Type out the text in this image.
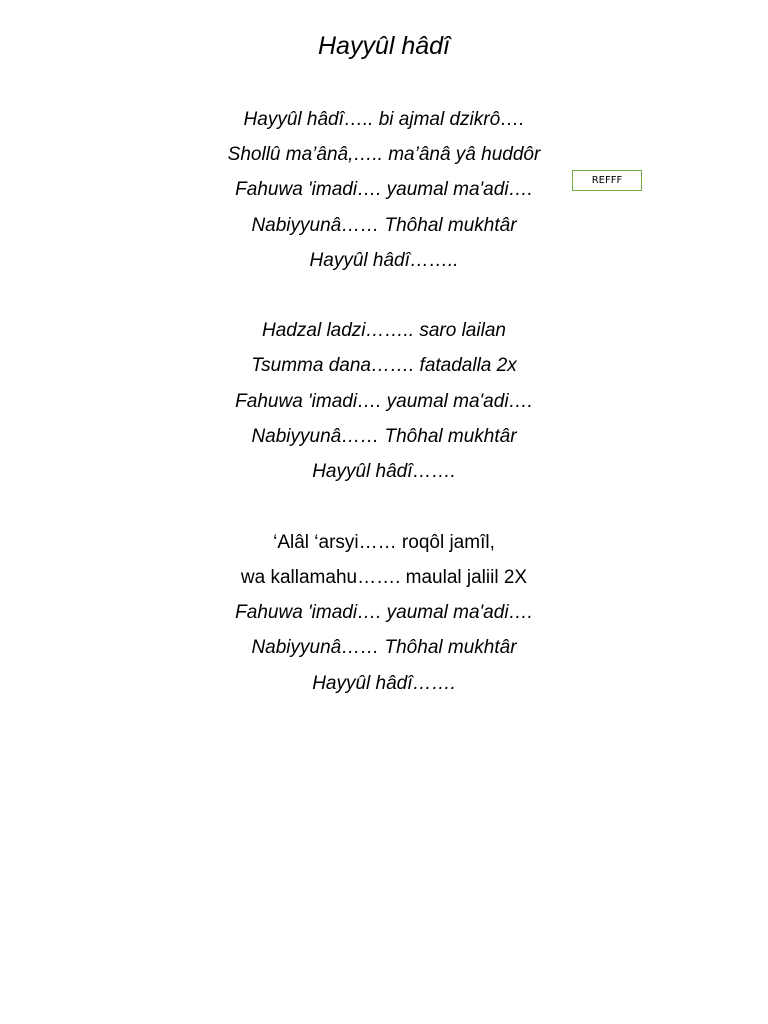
Hayyûl hâdî
Hayyûl hâdî….. bi ajmal dzikrô….
Shollû ma’ânâ,….. ma’ânâ yâ huddôr
Fahuwa 'imadi…. yaumal ma'adi….
Nabiyyunâ…… Thôhal mukhtâr
Hayyûl hâdî……..
Hadzal ladzi…….. saro lailan
Tsumma dana……. fatadalla 2x
Fahuwa 'imadi…. yaumal ma'adi….
Nabiyyunâ…… Thôhal mukhtâr
Hayyûl hâdî…….
‘Alâl ‘arsyi…… roqôl jamîl,
wa kallamahu……. maulal jaliil 2X
Fahuwa 'imadi…. yaumal ma'adi….
Nabiyyunâ…… Thôhal mukhtâr
Hayyûl hâdî…….
REFFF
